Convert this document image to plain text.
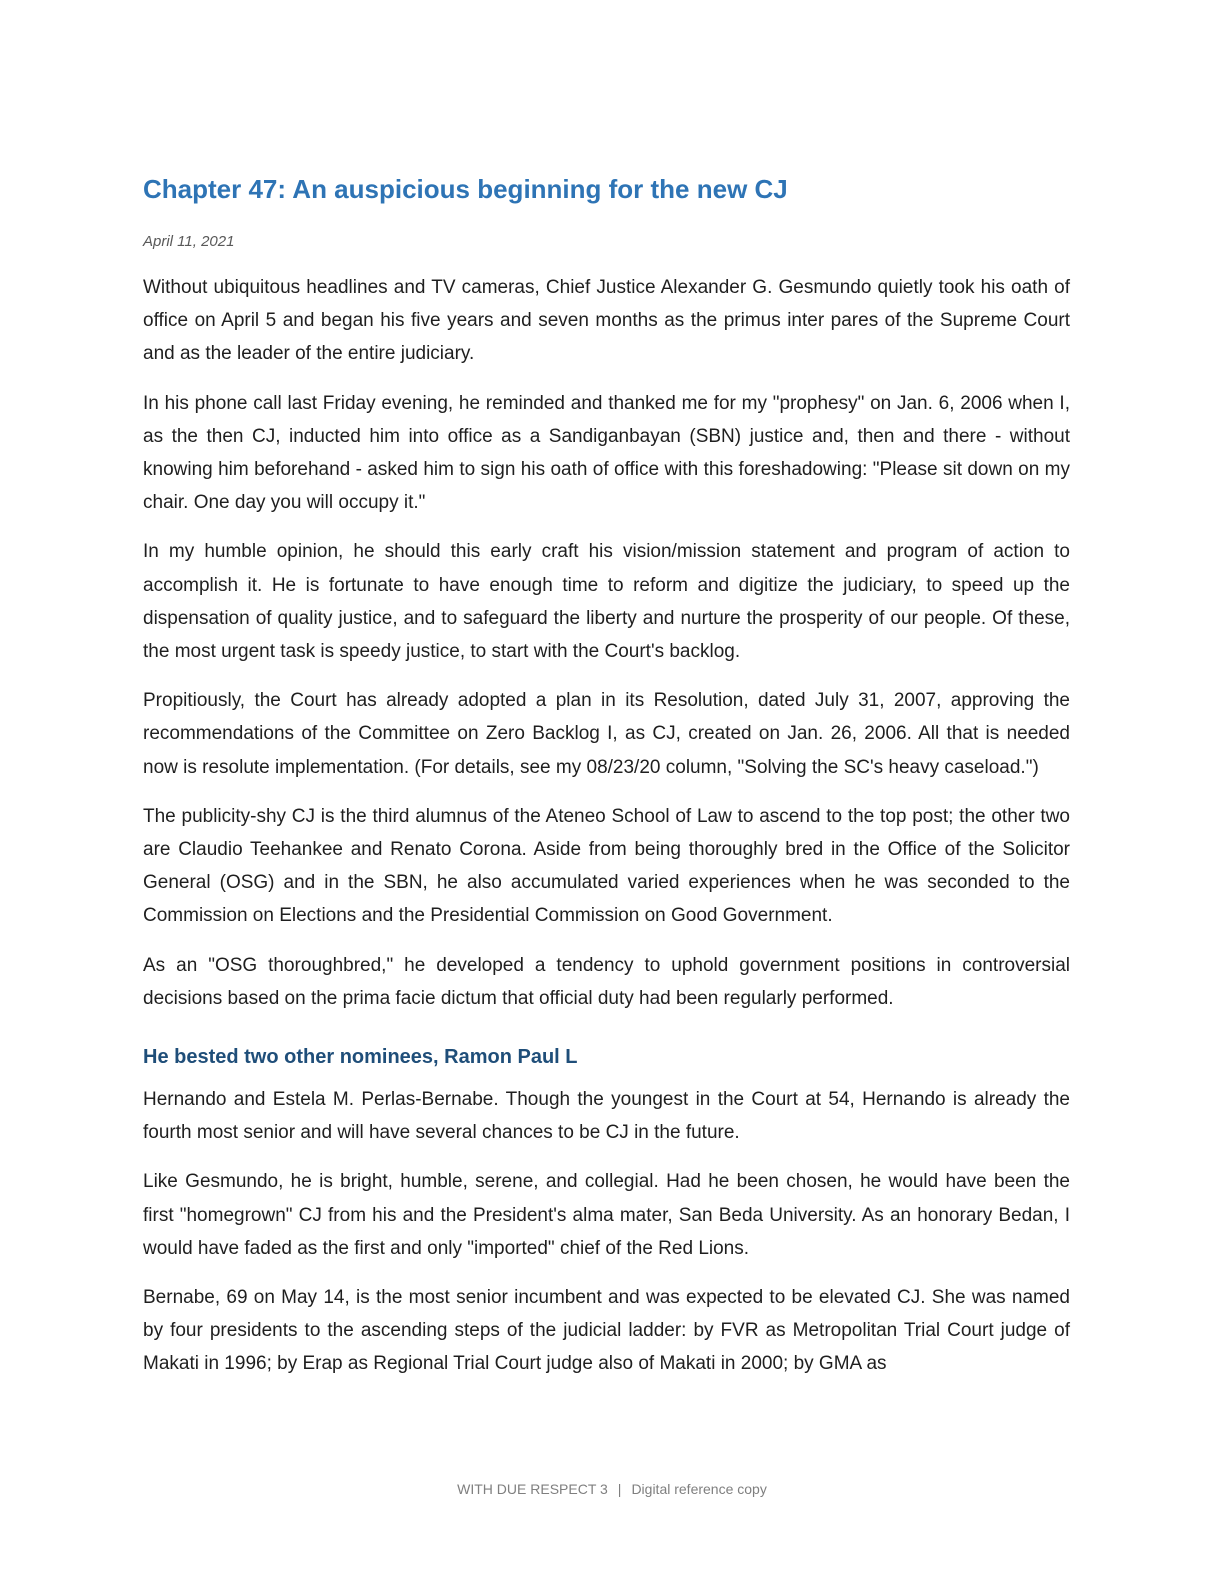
Chapter 47: An auspicious beginning for the new CJ
April 11, 2021

Without ubiquitous headlines and TV cameras, Chief Justice Alexander G. Gesmundo quietly took his oath of office on April 5 and began his five years and seven months as the primus inter pares of the Supreme Court and as the leader of the entire judiciary.

In his phone call last Friday evening, he reminded and thanked me for my "prophesy" on Jan. 6, 2006 when I, as the then CJ, inducted him into office as a Sandiganbayan (SBN) justice and, then and there - without knowing him beforehand - asked him to sign his oath of office with this foreshadowing: "Please sit down on my chair. One day you will occupy it."

In my humble opinion, he should this early craft his vision/mission statement and program of action to accomplish it. He is fortunate to have enough time to reform and digitize the judiciary, to speed up the dispensation of quality justice, and to safeguard the liberty and nurture the prosperity of our people. Of these, the most urgent task is speedy justice, to start with the Court's backlog.

Propitiously, the Court has already adopted a plan in its Resolution, dated July 31, 2007, approving the recommendations of the Committee on Zero Backlog I, as CJ, created on Jan. 26, 2006. All that is needed now is resolute implementation. (For details, see my 08/23/20 column, "Solving the SC's heavy caseload.")

The publicity-shy CJ is the third alumnus of the Ateneo School of Law to ascend to the top post; the other two are Claudio Teehankee and Renato Corona. Aside from being thoroughly bred in the Office of the Solicitor General (OSG) and in the SBN, he also accumulated varied experiences when he was seconded to the Commission on Elections and the Presidential Commission on Good Government.

As an "OSG thoroughbred," he developed a tendency to uphold government positions in controversial decisions based on the prima facie dictum that official duty had been regularly performed.

He bested two other nominees, Ramon Paul L

Hernando and Estela M. Perlas-Bernabe. Though the youngest in the Court at 54, Hernando is already the fourth most senior and will have several chances to be CJ in the future.

Like Gesmundo, he is bright, humble, serene, and collegial. Had he been chosen, he would have been the first "homegrown" CJ from his and the President's alma mater, San Beda University. As an honorary Bedan, I would have faded as the first and only "imported" chief of the Red Lions.

Bernabe, 69 on May 14, is the most senior incumbent and was expected to be elevated CJ. She was named by four presidents to the ascending steps of the judicial ladder: by FVR as Metropolitan Trial Court judge of Makati in 1996; by Erap as Regional Trial Court judge also of Makati in 2000; by GMA as

WITH DUE RESPECT 3 | Digital reference copy
